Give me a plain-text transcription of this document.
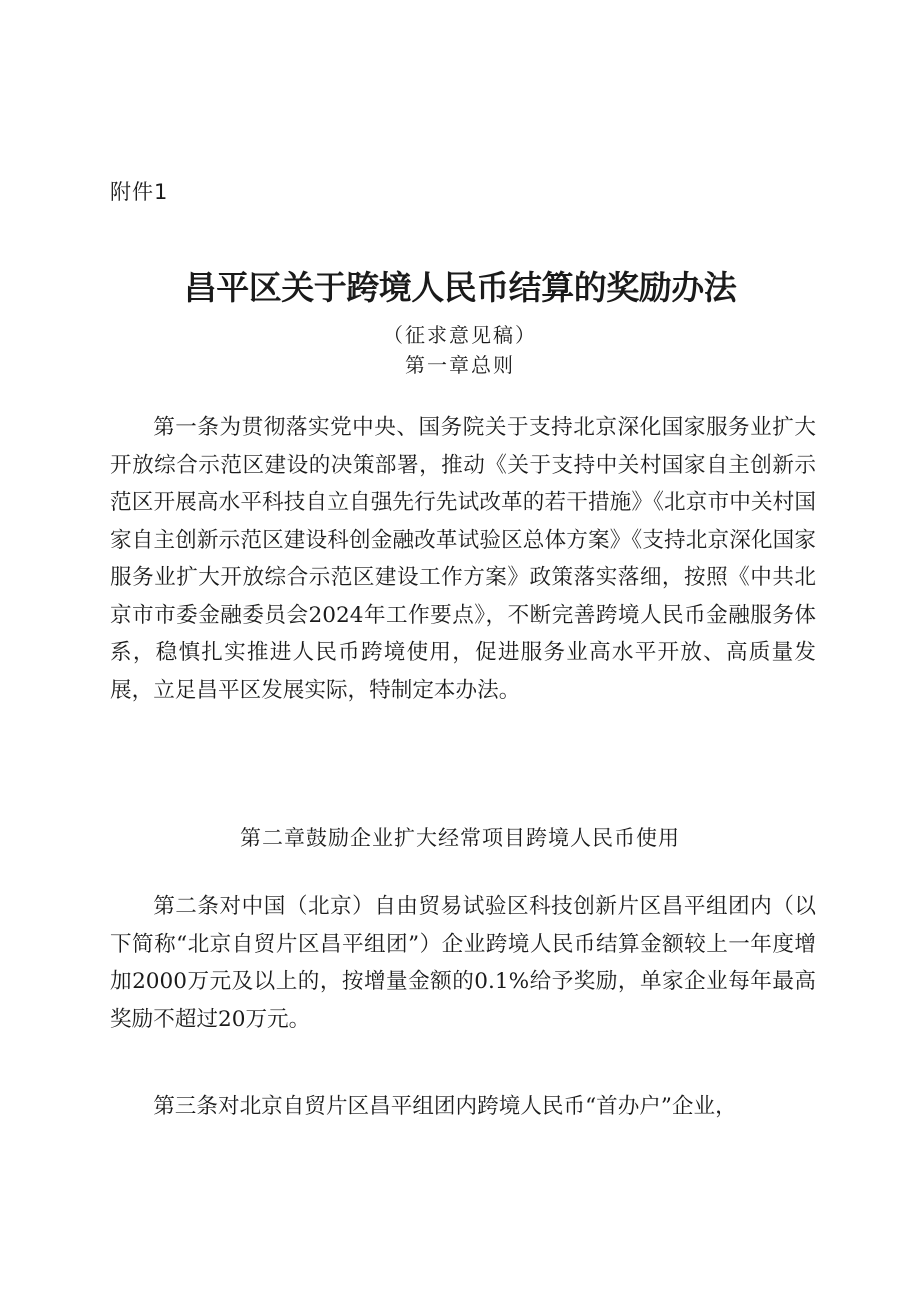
附件1
昌平区关于跨境人民币结算的奖励办法
（征求意见稿）
第一章总则

第一条为贯彻落实党中央、国务院关于支持北京深化国家服务业扩大开放综合示范区建设的决策部署，推动《关于支持中关村国家自主创新示范区开展高水平科技自立自强先行先试改革的若干措施》《北京市中关村国家自主创新示范区建设科创金融改革试验区总体方案》《支持北京深化国家服务业扩大开放综合示范区建设工作方案》政策落实落细，按照《中共北京市市委金融委员会2024年工作要点》，不断完善跨境人民币金融服务体系，稳慎扎实推进人民币跨境使用，促进服务业高水平开放、高质量发展，立足昌平区发展实际，特制定本办法。

第二章鼓励企业扩大经常项目跨境人民币使用

第二条对中国（北京）自由贸易试验区科技创新片区昌平组团内（以下简称“北京自贸片区昌平组团”）企业跨境人民币结算金额较上一年度增加2000万元及以上的，按增量金额的0.1%给予奖励，单家企业每年最高奖励不超过20万元。

第三条对北京自贸片区昌平组团内跨境人民币“首办户”企业，
